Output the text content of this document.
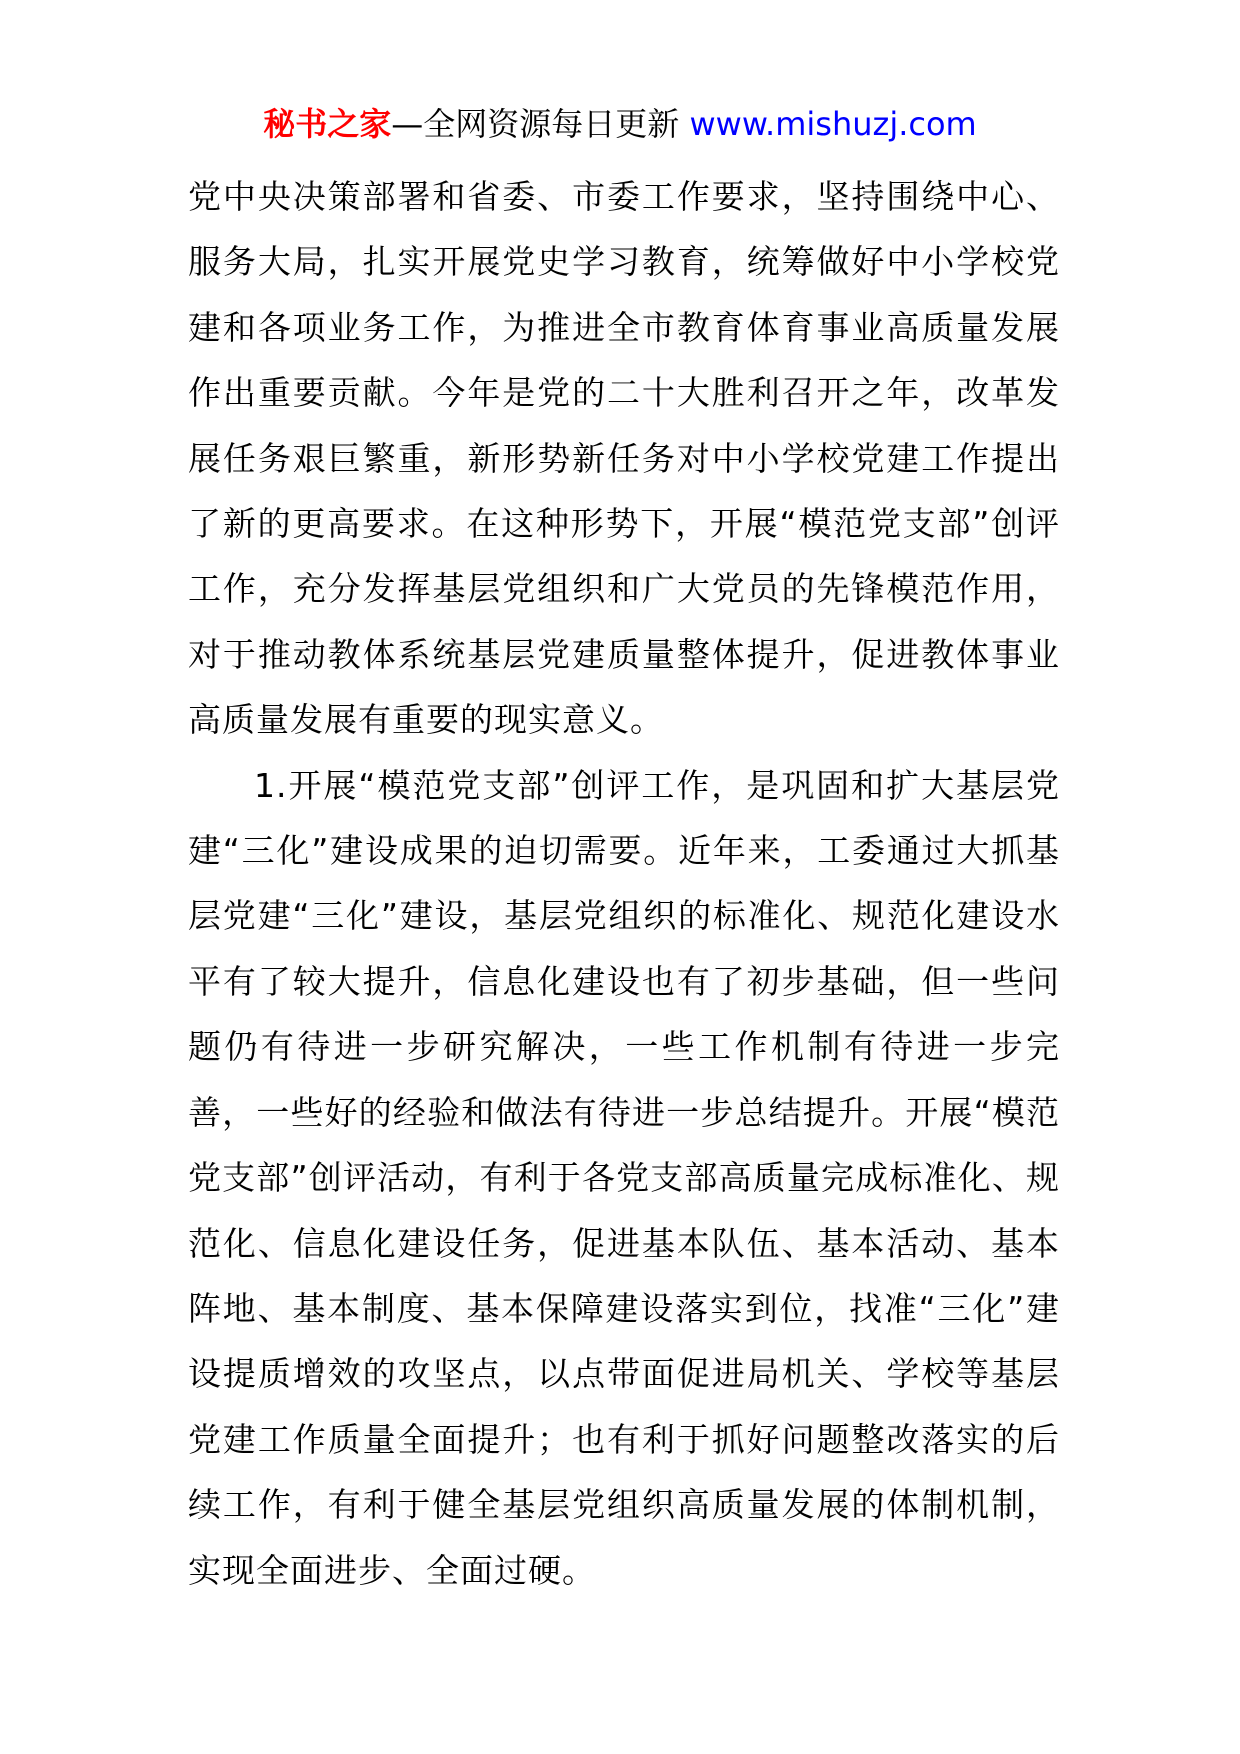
秘书之家—全网资源每日更新 www.mishuzj.com

党中央决策部署和省委、市委工作要求，坚持围绕中心、服务大局，扎实开展党史学习教育，统筹做好中小学校党建和各项业务工作，为推进全市教育体育事业高质量发展作出重要贡献。今年是党的二十大胜利召开之年，改革发展任务艰巨繁重，新形势新任务对中小学校党建工作提出了新的更高要求。在这种形势下，开展“模范党支部”创评工作，充分发挥基层党组织和广大党员的先锋模范作用，对于推动教体系统基层党建质量整体提升，促进教体事业高质量发展有重要的现实意义。

1.开展“模范党支部”创评工作，是巩固和扩大基层党建“三化”建设成果的迫切需要。近年来，工委通过大抓基层党建“三化”建设，基层党组织的标准化、规范化建设水平有了较大提升，信息化建设也有了初步基础，但一些问题仍有待进一步研究解决，一些工作机制有待进一步完善，一些好的经验和做法有待进一步总结提升。开展“模范党支部”创评活动，有利于各党支部高质量完成标准化、规范化、信息化建设任务，促进基本队伍、基本活动、基本阵地、基本制度、基本保障建设落实到位，找准“三化”建设提质增效的攻坚点，以点带面促进局机关、学校等基层党建工作质量全面提升；也有利于抓好问题整改落实的后续工作，有利于健全基层党组织高质量发展的体制机制，实现全面进步、全面过硬。
